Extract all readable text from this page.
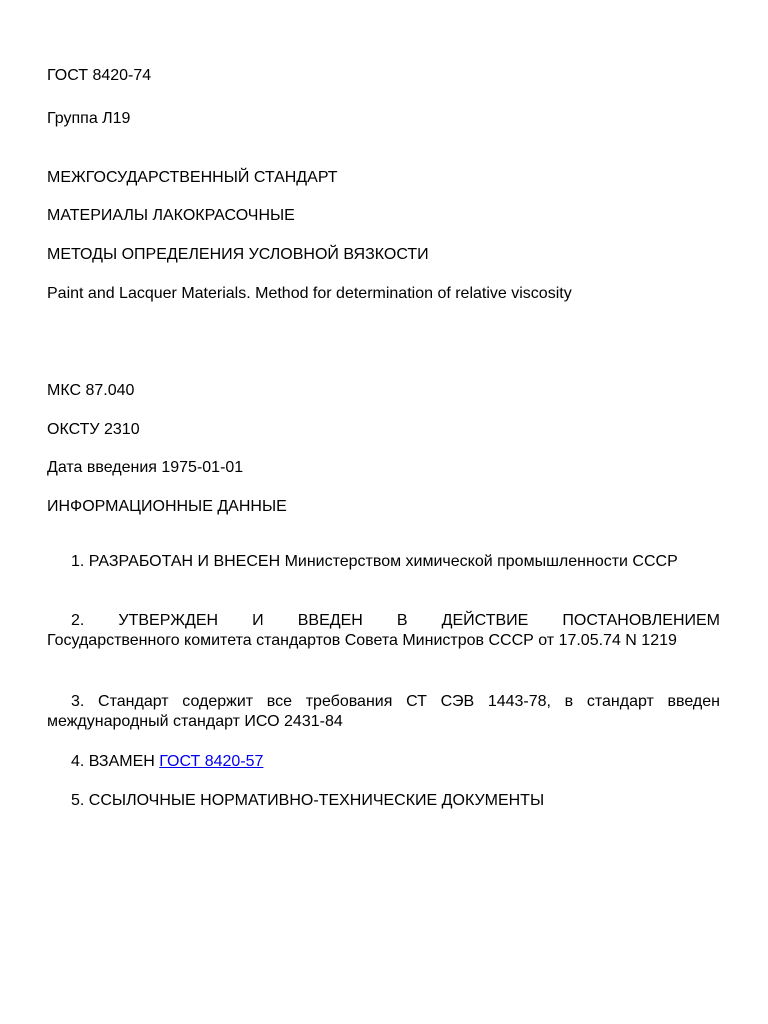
ГОСТ 8420-74

Группа Л19

МЕЖГОСУДАРСТВЕННЫЙ СТАНДАРТ

МАТЕРИАЛЫ ЛАКОКРАСОЧНЫЕ

МЕТОДЫ ОПРЕДЕЛЕНИЯ УСЛОВНОЙ ВЯЗКОСТИ

Paint and Lacquer Materials. Method for determination of relative viscosity

МКС 87.040

ОКСТУ 2310

Дата введения 1975-01-01

ИНФОРМАЦИОННЫЕ ДАННЫЕ

1. РАЗРАБОТАН И ВНЕСЕН Министерством химической промышленности СССР

2. УТВЕРЖДЕН И ВВЕДЕН В ДЕЙСТВИЕ ПОСТАНОВЛЕНИЕМ

Государственного комитета стандартов Совета Министров СССР от 17.05.74 N 1219

3. Стандарт содержит все требования СТ СЭВ 1443-78, в стандарт введен международный стандарт ИСО 2431-84

4. ВЗАМЕН ГОСТ 8420-57

5. ССЫЛОЧНЫЕ НОРМАТИВНО-ТЕХНИЧЕСКИЕ ДОКУМЕНТЫ
